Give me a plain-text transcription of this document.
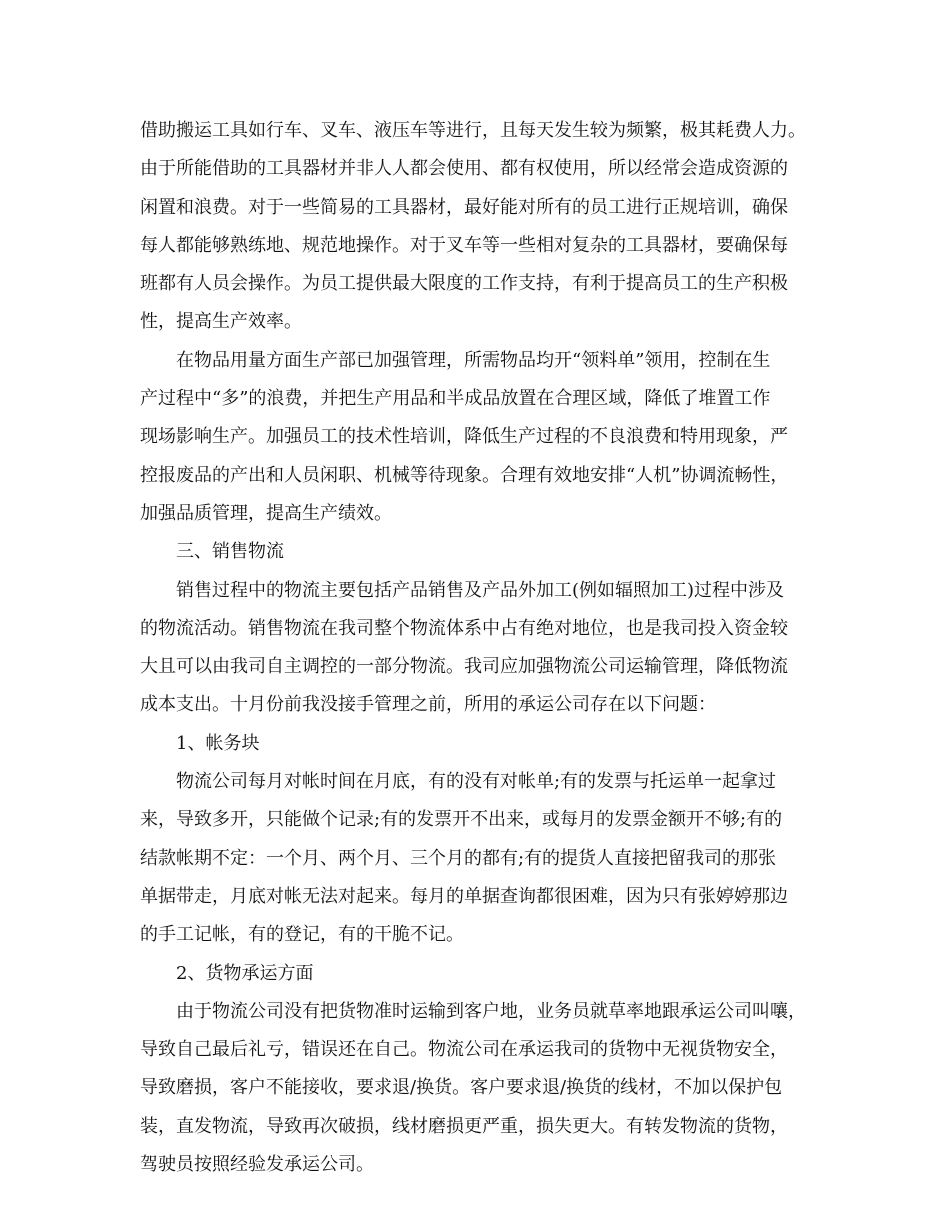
借助搬运工具如行车、叉车、液压车等进行，且每天发生较为频繁，极其耗费人力。
由于所能借助的工具器材并非人人都会使用、都有权使用，所以经常会造成资源的
闲置和浪费。对于一些简易的工具器材，最好能对所有的员工进行正规培训，确保
每人都能够熟练地、规范地操作。对于叉车等一些相对复杂的工具器材，要确保每
班都有人员会操作。为员工提供最大限度的工作支持，有利于提高员工的生产积极
性，提高生产效率。
在物品用量方面生产部已加强管理，所需物品均开“领料单”领用，控制在生
产过程中“多”的浪费，并把生产用品和半成品放置在合理区域，降低了堆置工作
现场影响生产。加强员工的技术性培训，降低生产过程的不良浪费和特用现象，严
控报废品的产出和人员闲职、机械等待现象。合理有效地安排“人机”协调流畅性，
加强品质管理，提高生产绩效。
三、销售物流
销售过程中的物流主要包括产品销售及产品外加工(例如辐照加工)过程中涉及
的物流活动。销售物流在我司整个物流体系中占有绝对地位，也是我司投入资金较
大且可以由我司自主调控的一部分物流。我司应加强物流公司运输管理，降低物流
成本支出。十月份前我没接手管理之前，所用的承运公司存在以下问题：
1、帐务块
物流公司每月对帐时间在月底，有的没有对帐单;有的发票与托运单一起拿过
来，导致多开，只能做个记录;有的发票开不出来，或每月的发票金额开不够;有的
结款帐期不定：一个月、两个月、三个月的都有;有的提货人直接把留我司的那张
单据带走，月底对帐无法对起来。每月的单据查询都很困难，因为只有张婷婷那边
的手工记帐，有的登记，有的干脆不记。
2、货物承运方面
由于物流公司没有把货物准时运输到客户地，业务员就草率地跟承运公司叫嚷，
导致自己最后礼亏，错误还在自己。物流公司在承运我司的货物中无视货物安全，
导致磨损，客户不能接收，要求退/换货。客户要求退/换货的线材，不加以保护包
装，直发物流，导致再次破损，线材磨损更严重，损失更大。有转发物流的货物，
驾驶员按照经验发承运公司。
